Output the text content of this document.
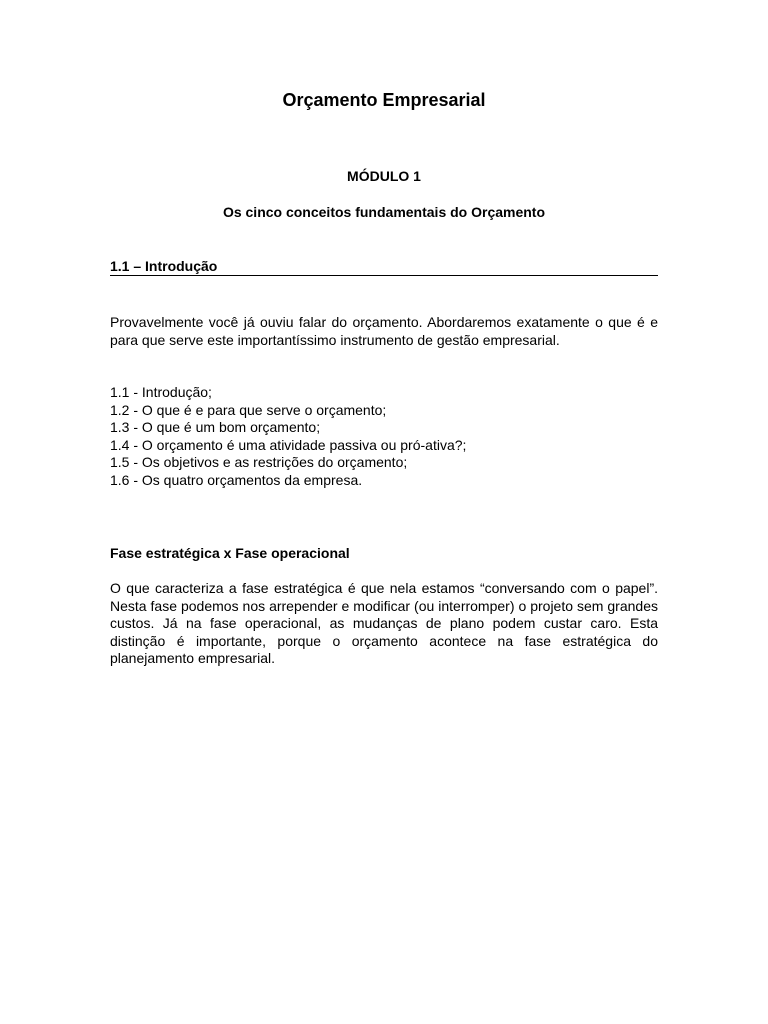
Orçamento Empresarial
MÓDULO 1
Os cinco conceitos fundamentais do Orçamento
1.1 – Introdução

Provavelmente você já ouviu falar do orçamento. Abordaremos exatamente o que é e para que serve este importantíssimo instrumento de gestão empresarial.

1.1 - Introdução;
1.2 - O que é e para que serve o orçamento;
1.3 - O que é um bom orçamento;
1.4 - O orçamento é uma atividade passiva ou pró-ativa?;
1.5 - Os objetivos e as restrições do orçamento;
1.6 - Os quatro orçamentos da empresa.
Fase estratégica x Fase operacional

O que caracteriza a fase estratégica é que nela estamos “conversando com o papel”. Nesta fase podemos nos arrepender e modificar (ou interromper) o projeto sem grandes custos. Já na fase operacional, as mudanças de plano podem custar caro. Esta distinção é importante, porque o orçamento acontece na fase estratégica do planejamento empresarial.
